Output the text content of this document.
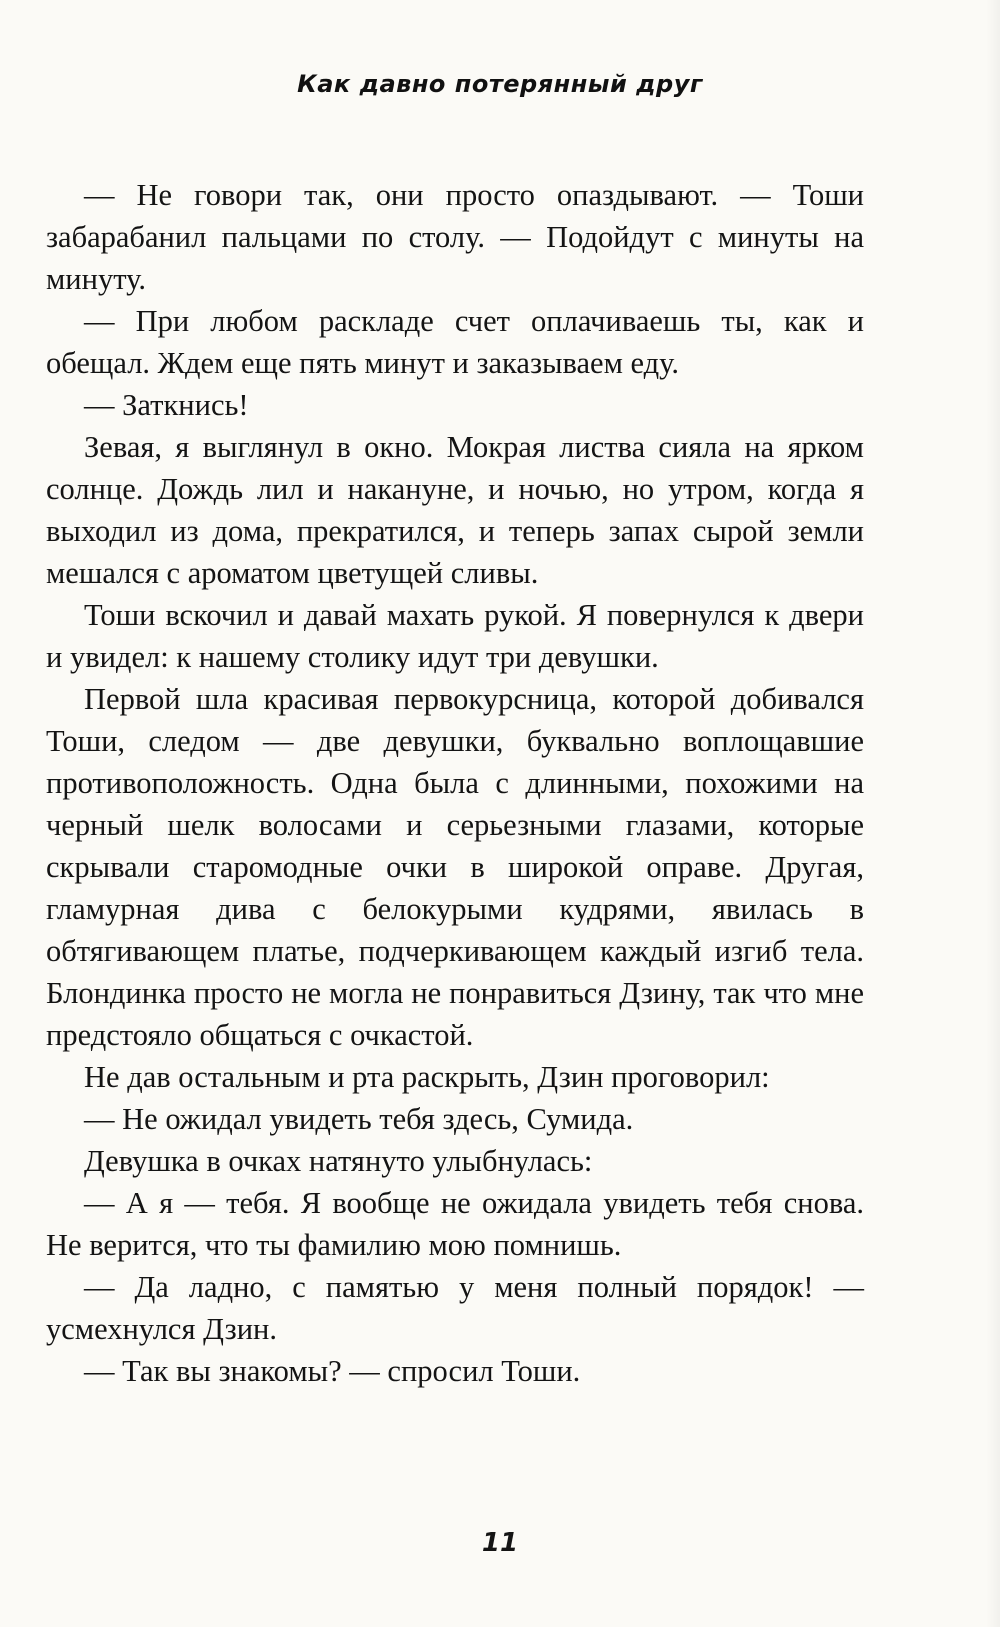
Как давно потерянный друг

— Не говори так, они просто опаздывают. — Тоши забарабанил пальцами по столу. — Подойдут с минуты на минуту.

— При любом раскладе счет оплачиваешь ты, как и обещал. Ждем еще пять минут и заказываем еду.

— Заткнись!

Зевая, я выглянул в окно. Мокрая листва сияла на ярком солнце. Дождь лил и накануне, и ночью, но утром, когда я выходил из дома, прекратился, и теперь запах сырой земли мешался с ароматом цветущей сливы.

Тоши вскочил и давай махать рукой. Я повернулся к двери и увидел: к нашему столику идут три девушки.

Первой шла красивая первокурсница, которой добивался Тоши, следом — две девушки, буквально воплощавшие противоположность. Одна была с длинными, похожими на черный шелк волосами и серьезными глазами, которые скрывали старомодные очки в широкой оправе. Другая, гламурная дива с белокурыми кудрями, явилась в обтягивающем платье, подчеркивающем каждый изгиб тела. Блондинка просто не могла не понравиться Дзину, так что мне предстояло общаться с очкастой.

Не дав остальным и рта раскрыть, Дзин проговорил:

— Не ожидал увидеть тебя здесь, Сумида.

Девушка в очках натянуто улыбнулась:

— А я — тебя. Я вообще не ожидала увидеть тебя снова. Не верится, что ты фамилию мою помнишь.

— Да ладно, с памятью у меня полный порядок! — усмехнулся Дзин.

— Так вы знакомы? — спросил Тоши.

11
